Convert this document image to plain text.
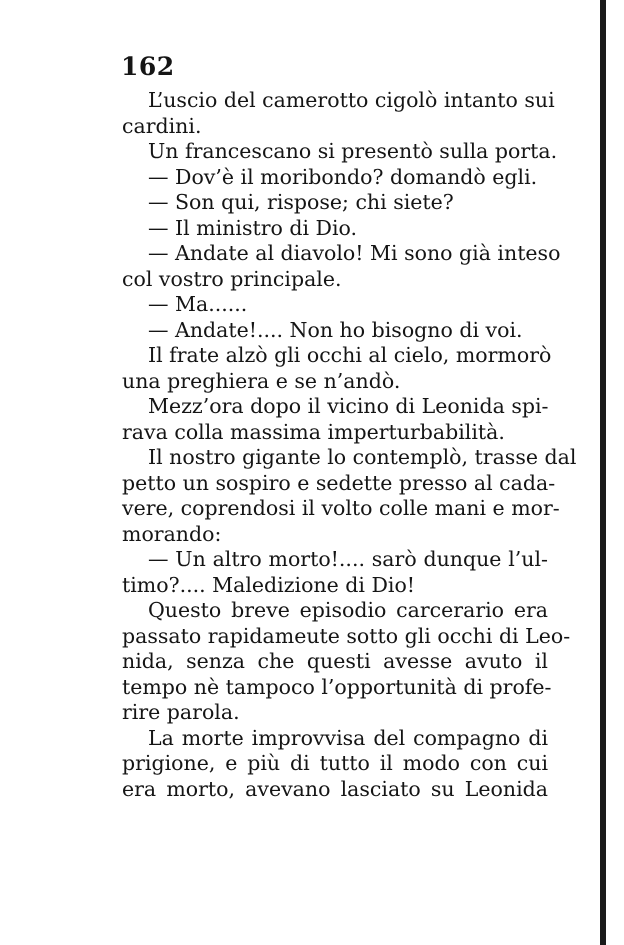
162
L’uscio del camerotto cigolò intanto sui
cardini.
Un francescano si presentò sulla porta.
— Dov’è il moribondo? domandò egli.
— Son qui, rispose; chi siete?
— Il ministro di Dio.
— Andate al diavolo! Mi sono già inteso
col vostro principale.
— Ma......
— Andate!.... Non ho bisogno di voi.
Il frate alzò gli occhi al cielo, mormorò
una preghiera e se n’andò.
Mezz’ora dopo il vicino di Leonida spi-
rava colla massima imperturbabilità.
Il nostro gigante lo contemplò, trasse dal
petto un sospiro e sedette presso al cada-
vere, coprendosi il volto colle mani e mor-
morando:
— Un altro morto!.... sarò dunque l’ul-
timo?.... Maledizione di Dio!
Questo breve episodio carcerario era
passato rapidameute sotto gli occhi di Leo-
nida, senza che questi avesse avuto il
tempo nè tampoco l’opportunità di profe-
rire parola.
La morte improvvisa del compagno di
prigione, e più di tutto il modo con cui
era morto, avevano lasciato su Leonida
